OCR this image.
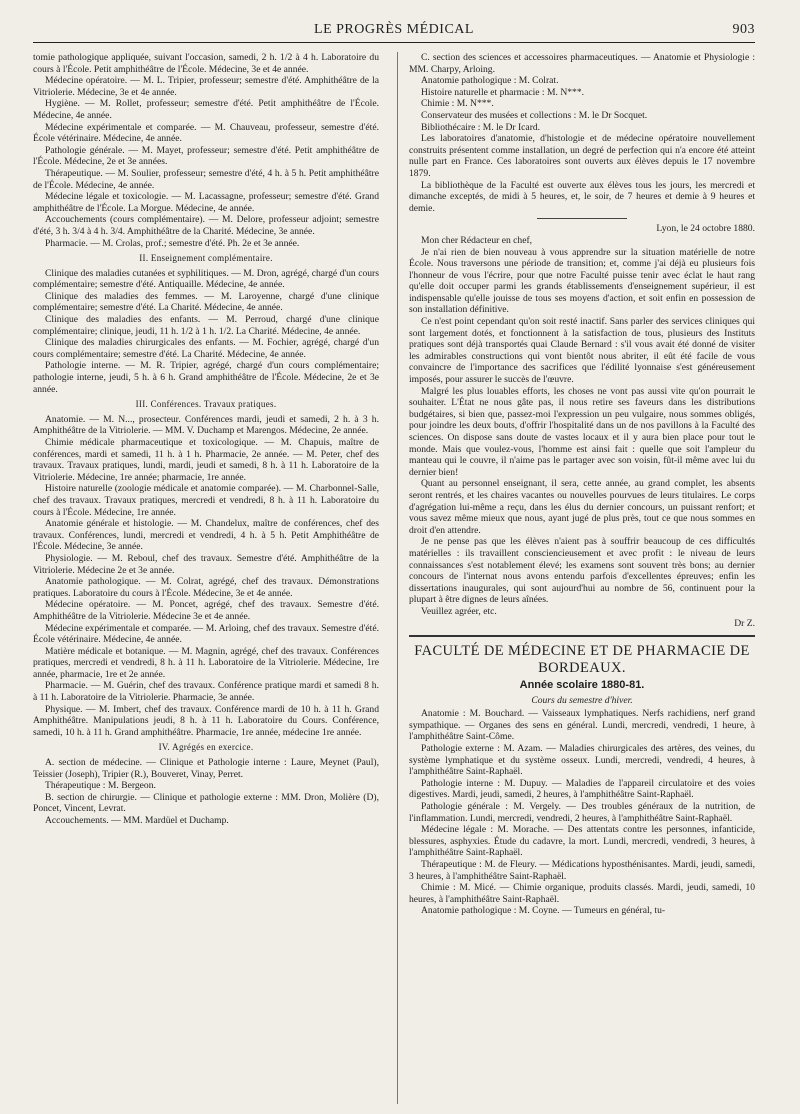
LE PROGRÈS MÉDICAL	903

tomie pathologique appliquée, suivant l'occasion, samedi, 2 h. 1/2 à 4 h. Laboratoire du cours à l'École. Petit amphithéâtre de l'École. Médecine, 3e et 4e année.

Médecine opératoire. — M. L. Tripier, professeur; semestre d'été. Amphithéâtre de la Vitriolerie. Médecine, 3e et 4e année.

Hygiène. — M. Rollet, professeur; semestre d'été. Petit amphithéâtre de l'École. Médecine, 4e année.

Médecine expérimentale et comparée. — M. Chauveau, professeur, semestre d'été. École vétérinaire. Médecine, 4e année.

Pathologie générale. — M. Mayet, professeur; semestre d'été. Petit amphithéâtre de l'École. Médecine, 2e et 3e années.

Thérapeutique. — M. Soulier, professeur; semestre d'été, 4 h. à 5 h. Petit amphithéâtre de l'École. Médecine, 4e année.

Médecine légale et toxicologie. — M. Lacassagne, professeur; semestre d'été. Grand amphithéâtre de l'École. La Morgue. Médecine, 4e année.

Accouchements (cours complémentaire). — M. Delore, professeur adjoint; semestre d'été, 3 h. 3/4 à 4 h. 3/4. Amphithéâtre de la Charité. Médecine, 3e année.

Pharmacie. — M. Crolas, prof.; semestre d'été. Ph. 2e et 3e année.

II. Enseignement complémentaire.

Clinique des maladies cutanées et syphilitiques. — M. Dron, agrégé, chargé d'un cours complémentaire; semestre d'été. Antiquaille. Médecine, 4e année.

Clinique des maladies des femmes. — M. Laroyenne, chargé d'une clinique complémentaire; semestre d'été. La Charité. Médecine, 4e année.

Clinique des maladies des enfants. — M. Perroud, chargé d'une clinique complémentaire; clinique, jeudi, 11 h. 1/2 à 1 h. 1/2. La Charité. Médecine, 4e année.

Clinique des maladies chirurgicales des enfants. — M. Fochier, agrégé, chargé d'un cours complémentaire; semestre d'été. La Charité. Médecine, 4e année.

Pathologie interne. — M. R. Tripier, agrégé, chargé d'un cours complémentaire; pathologie interne, jeudi, 5 h. à 6 h. Grand amphithéâtre de l'École. Médecine, 2e et 3e année.

III. Conférences. Travaux pratiques.

Anatomie. — M. N..., prosecteur. Conférences mardi, jeudi et samedi, 2 h. à 3 h. Amphithéâtre de la Vitriolerie. — MM. V. Duchamp et Marengos. Médecine, 2e année.

Chimie médicale pharmaceutique et toxicologique. — M. Chapuis, maître de conférences, mardi et samedi, 11 h. à 1 h. Pharmacie, 2e année. — M. Peter, chef des travaux. Travaux pratiques, lundi, mardi, jeudi et samedi, 8 h. à 11 h. Laboratoire de la Vitriolerie. Médecine, 1re année; pharmacie, 1re année.

Histoire naturelle (zoologie médicale et anatomie comparée). — M. Charbonnel-Salle, chef des travaux. Travaux pratiques, mercredi et vendredi, 8 h. à 11 h. Laboratoire du cours à l'École. Médecine, 1re année.

Anatomie générale et histologie. — M. Chandelux, maître de conférences, chef des travaux. Conférences, lundi, mercredi et vendredi, 4 h. à 5 h. Petit Amphithéâtre de l'École. Médecine, 3e année.

Physiologie. — M. Reboul, chef des travaux. Semestre d'été. Amphithéâtre de la Vitriolerie. Médecine 2e et 3e année.

Anatomie pathologique. — M. Colrat, agrégé, chef des travaux. Démonstrations pratiques. Laboratoire du cours à l'École. Médecine, 3e et 4e année.

Médecine opératoire. — M. Poncet, agrégé, chef des travaux. Semestre d'été. Amphithéâtre de la Vitriolerie. Médecine 3e et 4e année.

Médecine expérimentale et comparée. — M. Arloing, chef des travaux. Semestre d'été. École vétérinaire. Médecine, 4e année.

Matière médicale et botanique. — M. Magnin, agrégé, chef des travaux. Conférences pratiques, mercredi et vendredi, 8 h. à 11 h. Laboratoire de la Vitriolerie. Médecine, 1re année, pharmacie, 1re et 2e année.

Pharmacie. — M. Guérin, chef des travaux. Conférence pratique mardi et samedi 8 h. à 11 h. Laboratoire de la Vitriolerie. Pharmacie, 3e année.

Physique. — M. Imbert, chef des travaux. Conférence mardi de 10 h. à 11 h. Grand Amphithéâtre. Manipulations jeudi, 8 h. à 11 h. Laboratoire du Cours. Conférence, samedi, 10 h. à 11 h. Grand amphithéâtre. Pharmacie, 1re année, médecine 1re année.

IV. Agrégés en exercice.

A. section de médecine. — Clinique et Pathologie interne : Laure, Meynet (Paul), Teissier (Joseph), Tripier (R.), Bouveret, Vinay, Perret.

Thérapeutique : M. Bergeon.

B. section de chirurgie. — Clinique et pathologie externe : MM. Dron, Molière (D), Poncet, Vincent, Levrat.

Accouchements. — MM. Mardüel et Duchamp.

C. section des sciences et accessoires pharmaceutiques. — Anatomie et Physiologie : MM. Charpy, Arloing.

Anatomie pathologique : M. Colrat.

Histoire naturelle et pharmacie : M. N***.

Chimie : M. N***.

Conservateur des musées et collections : M. le Dr Socquet.

Bibliothécaire : M. le Dr Icard.

Les laboratoires d'anatomie, d'histologie et de médecine opératoire nouvellement construits présentent comme installation, un degré de perfection qui n'a encore été atteint nulle part en France. Ces laboratoires sont ouverts aux élèves depuis le 17 novembre 1879.

La bibliothèque de la Faculté est ouverte aux élèves tous les jours, les mercredi et dimanche exceptés, de midi à 5 heures, et, le soir, de 7 heures et demie à 9 heures et demie.

Lyon, le 24 octobre 1880.

Mon cher Rédacteur en chef,

Je n'ai rien de bien nouveau à vous apprendre sur la situation matérielle de notre École. Nous traversons une période de transition; et, comme j'ai déjà eu plusieurs fois l'honneur de vous l'écrire, pour que notre Faculté puisse tenir avec éclat le haut rang qu'elle doit occuper parmi les grands établissements d'enseignement supérieur, il est indispensable qu'elle jouisse de tous ses moyens d'action, et soit enfin en possession de son installation définitive.

Ce n'est point cependant qu'on soit resté inactif. Sans parler des services cliniques qui sont largement dotés, et fonctionnent à la satisfaction de tous, plusieurs des Instituts pratiques sont déjà transportés quai Claude Bernard : s'il vous avait été donné de visiter les admirables constructions qui vont bientôt nous abriter, il eût été facile de vous convaincre de l'importance des sacrifices que l'édilité lyonnaise s'est généreusement imposés, pour assurer le succès de l'œuvre.

Malgré les plus louables efforts, les choses ne vont pas aussi vite qu'on pourrait le souhaiter. L'État ne nous gâte pas, il nous retire ses faveurs dans les distributions budgétaires, si bien que, passez-moi l'expression un peu vulgaire, nous sommes obligés, pour joindre les deux bouts, d'offrir l'hospitalité dans un de nos pavillons à la Faculté des sciences. On dispose sans doute de vastes locaux et il y aura bien place pour tout le monde. Mais que voulez-vous, l'homme est ainsi fait : quelle que soit l'ampleur du manteau qui le couvre, il n'aime pas le partager avec son voisin, fût-il même avec lui du dernier bien!

Quant au personnel enseignant, il sera, cette année, au grand complet, les absents seront rentrés, et les chaires vacantes ou nouvelles pourvues de leurs titulaires. Le corps d'agrégation lui-même a reçu, dans les élus du dernier concours, un puissant renfort; et vous savez même mieux que nous, ayant jugé de plus près, tout ce que nous sommes en droit d'en attendre.

Je ne pense pas que les élèves n'aient pas à souffrir beaucoup de ces difficultés matérielles : ils travaillent consciencieusement et avec profit : le niveau de leurs connaissances s'est notablement élevé; les examens sont souvent très bons; au dernier concours de l'internat nous avons entendu parfois d'excellentes épreuves; enfin les dissertations inaugurales, qui sont aujourd'hui au nombre de 56, continuent pour la plupart à être dignes de leurs aînées.

Veuillez agréer, etc.

Dr Z.

FACULTÉ DE MÉDECINE ET DE PHARMACIE DE BORDEAUX.

Année scolaire 1880-81.

Cours du semestre d'hiver.

Anatomie : M. Bouchard. — Vaisseaux lymphatiques. Nerfs rachidiens, nerf grand sympathique. — Organes des sens en général. Lundi, mercredi, vendredi, 1 heure, à l'amphithéâtre Saint-Côme.

Pathologie externe : M. Azam. — Maladies chirurgicales des artères, des veines, du système lymphatique et du système osseux. Lundi, mercredi, vendredi, 4 heures, à l'amphithéâtre Saint-Raphaël.

Pathologie interne : M. Dupuy. — Maladies de l'appareil circulatoire et des voies digestives. Mardi, jeudi, samedi, 2 heures, à l'amphithéâtre Saint-Raphaël.

Pathologie générale : M. Vergely. — Des troubles généraux de la nutrition, de l'inflammation. Lundi, mercredi, vendredi, 2 heures, à l'amphithéâtre Saint-Raphaël.

Médecine légale : M. Morache. — Des attentats contre les personnes, infanticide, blessures, asphyxies. Étude du cadavre, la mort. Lundi, mercredi, vendredi, 3 heures, à l'amphithéâtre Saint-Raphaël.

Thérapeutique : M. de Fleury. — Médications hyposthénisantes. Mardi, jeudi, samedi, 3 heures, à l'amphithéâtre Saint-Raphaël.

Chimie : M. Micé. — Chimie organique, produits classés. Mardi, jeudi, samedi, 10 heures, à l'amphithéâtre Saint-Raphaël.

Anatomie pathologique : M. Coyne. — Tumeurs en général, tu-
